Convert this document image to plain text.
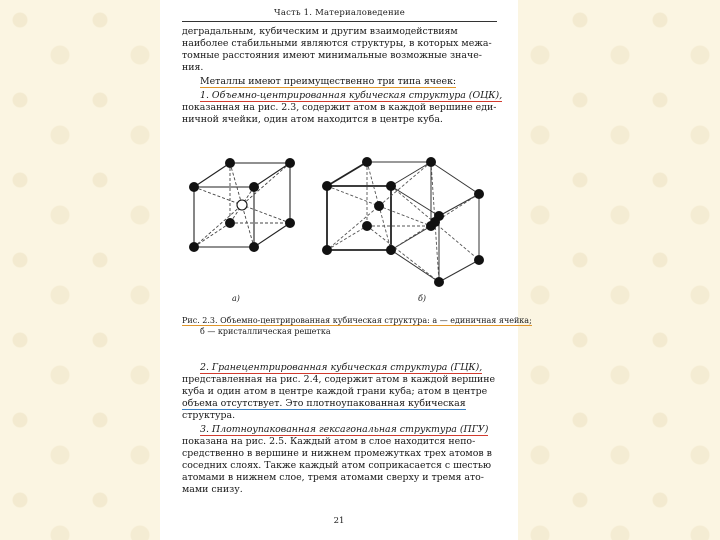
Часть 1. Материаловедение
деградальным, кубическим и другим взаимодействиям
наиболее стабильными являются структуры, в которых межа-
томные расстояния имеют минимальные возможные значе-
ния.
Металлы имеют преимущественно три типа ячеек:
1. Объемно-центрированная кубическая структура (ОЦК),
показанная на рис. 2.3, содержит атом в каждой вершине еди-
ничной ячейки, один атом находится в центре куба.
а)	б)
Рис. 2.3. Объемно-центрированная кубическая структура: а — единичная ячейка;
б — кристаллическая решетка
2. Гранецентрированная кубическая структура (ГЦК),
представленная на рис. 2.4, содержит атом в каждой вершине
куба и один атом в центре каждой грани куба; атом в центре
объема отсутствует. Это плотноупакованная кубическая
структура.
3. Плотноупакованная гексагональная структура (ПГУ)
показана на рис. 2.5. Каждый атом в слое находится непо-
средственно в вершине и нижнем промежутках трех атомов в
соседних слоях. Также каждый атом соприкасается с шестью
атомами в нижнем слое, тремя атомами сверху и тремя ато-
мами снизу.
21
